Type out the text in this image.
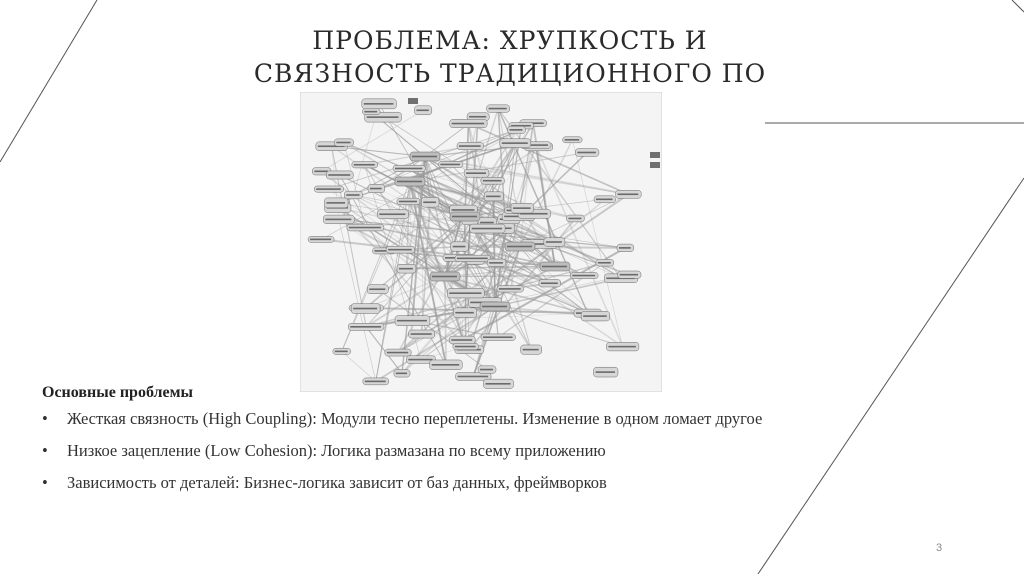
ПРОБЛЕМА: ХРУПКОСТЬ И
СВЯЗНОСТЬ ТРАДИЦИОННОГО ПО

Основные проблемы

• Жесткая связность (High Coupling): Модули тесно переплетены. Изменение в одном ломает другое
• Низкое зацепление (Low Cohesion): Логика размазана по всему приложению
• Зависимость от деталей: Бизнес-логика зависит от баз данных, фреймворков
3
